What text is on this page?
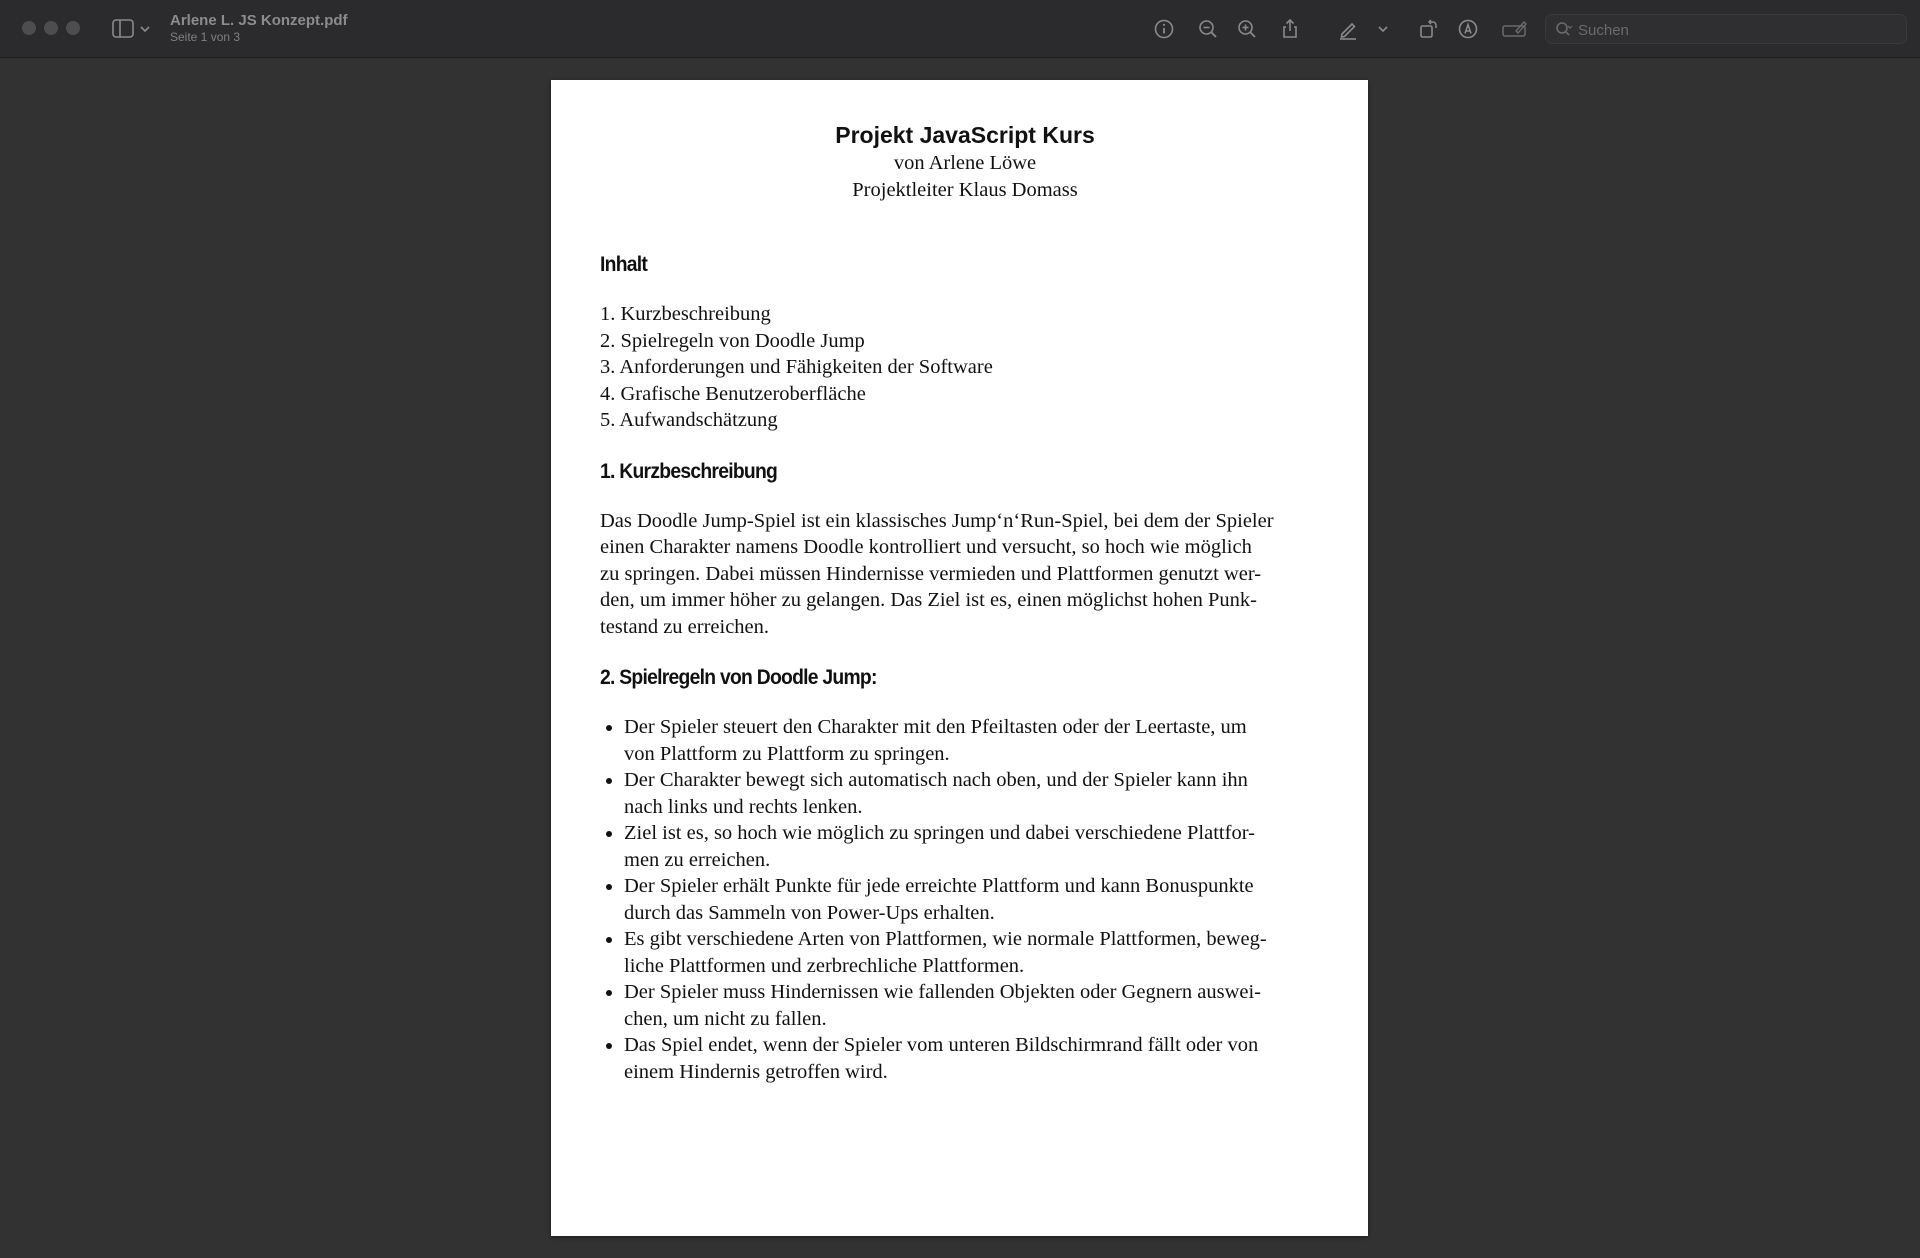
Arlene L. JS Konzept.pdf
Seite 1 von 3
Suchen
Projekt JavaScript Kurs
von Arlene Löwe
Projektleiter Klaus Domass
Inhalt

1. Kurzbeschreibung

2. Spielregeln von Doodle Jump

3. Anforderungen und Fähigkeiten der Software

4. Grafische Benutzeroberfläche

5. Aufwandschätzung

1. Kurzbeschreibung

Das Doodle Jump-Spiel ist ein klassisches Jump‘n‘Run-Spiel, bei dem der Spieler

einen Charakter namens Doodle kontrolliert und versucht, so hoch wie möglich

zu springen. Dabei müssen Hindernisse vermieden und Plattformen genutzt wer-

den, um immer höher zu gelangen. Das Ziel ist es, einen möglichst hohen Punk-

testand zu erreichen.

2. Spielregeln von Doodle Jump:
• Der Spieler steuert den Charakter mit den Pfeiltasten oder der Leertaste, um
von Plattform zu Plattform zu springen.
• Der Charakter bewegt sich automatisch nach oben, und der Spieler kann ihn
nach links und rechts lenken.
• Ziel ist es, so hoch wie möglich zu springen und dabei verschiedene Plattfor-
men zu erreichen.
• Der Spieler erhält Punkte für jede erreichte Plattform und kann Bonuspunkte
durch das Sammeln von Power-Ups erhalten.
• Es gibt verschiedene Arten von Plattformen, wie normale Plattformen, beweg-
liche Plattformen und zerbrechliche Plattformen.
• Der Spieler muss Hindernissen wie fallenden Objekten oder Gegnern auswei-
chen, um nicht zu fallen.
• Das Spiel endet, wenn der Spieler vom unteren Bildschirmrand fällt oder von
einem Hindernis getroffen wird.
